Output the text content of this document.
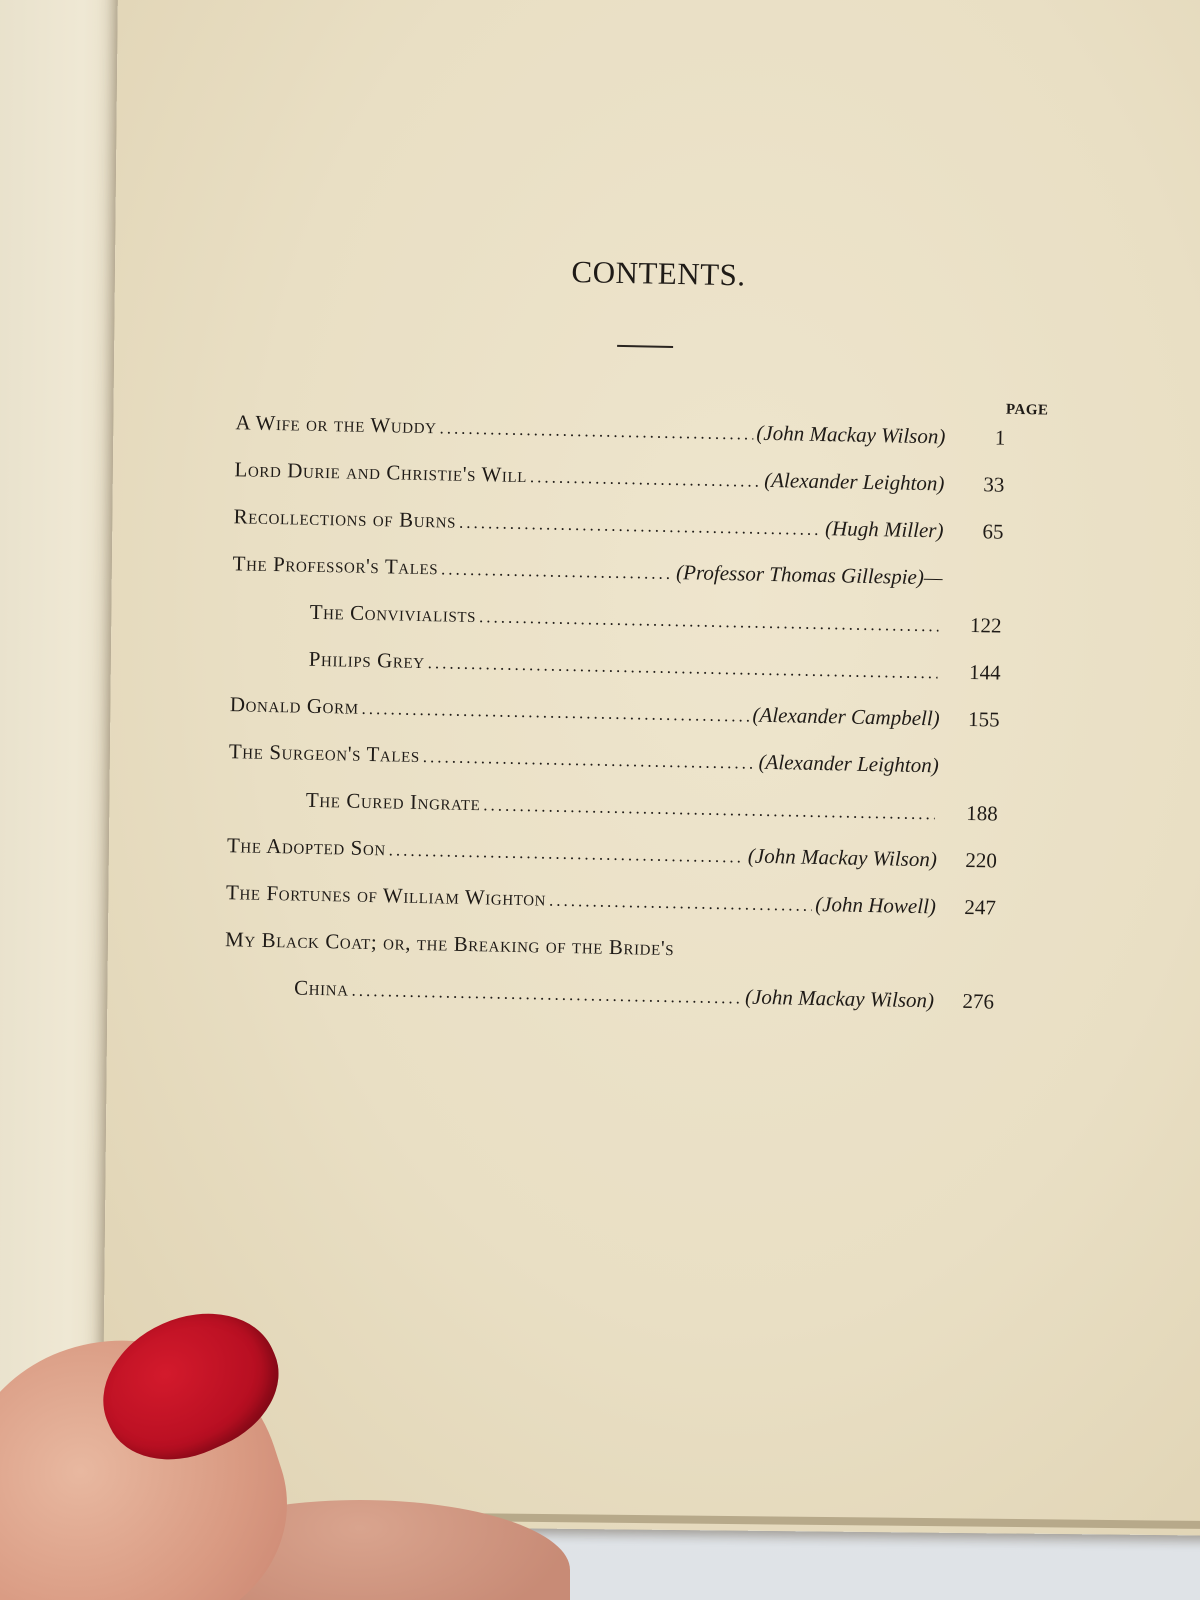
CONTENTS.
PAGE
A Wife or the Wuddy .....	(John Mackay Wilson)	1
Lord Durie and Christie's Will .....	(Alexander Leighton)	33
Recollections of Burns .....	(Hugh Miller)	65
The Professor's Tales .....	(Professor Thomas Gillespie)—
The Convivialists .....	122
Philips Grey .....	144
Donald Gorm .....	(Alexander Campbell)	155
The Surgeon's Tales .....	(Alexander Leighton)
The Cured Ingrate .....	188
The Adopted Son .....	(John Mackay Wilson)	220
The Fortunes of William Wighton .....	(John Howell)	247
My Black Coat; or, the Breaking of the Bride's
China .....	(John Mackay Wilson)	276
